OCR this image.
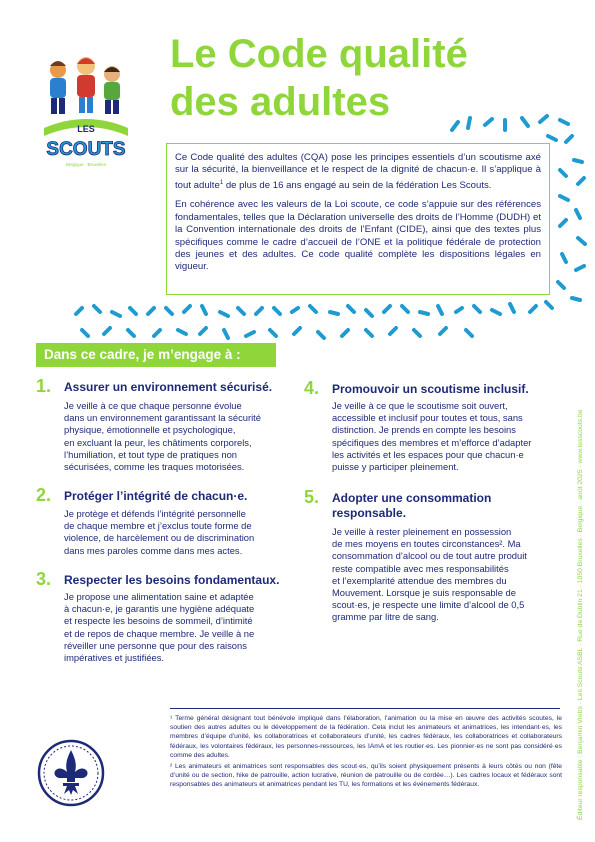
SCOUTS
LES
Belgique · Bruxelles
Le Code qualité
des adultes

Ce Code qualité des adultes (CQA) pose les principes essentiels d’un scoutisme axé sur la sécurité, la bienveillance et le respect de la dignité de chacun·e. Il s’applique à tout adulte$^1$ de plus de 16 ans engagé au sein de la fédération Les Scouts.

En cohérence avec les valeurs de la Loi scoute, ce code s’appuie sur des références fondamentales, telles que la Déclaration universelle des droits de l’Homme (DUDH) et la Convention internationale des droits de l’Enfant (CIDE), ainsi que des textes plus spécifiques comme le cadre d’accueil de l’ONE et la politique fédérale de protection des jeunes et des adultes. Ce code qualité complète les dispositions légales en vigueur.

Dans ce cadre, je m’engage à :
1. Assurer un environnement sécurisé.
Je veille à ce que chaque personne évolue
dans un environnement garantissant la sécurité
physique, émotionnelle et psychologique,
en excluant la peur, les châtiments corporels,
l’humiliation, et tout type de pratiques non
sécurisées, comme les traques motorisées.
2. Protéger l’intégrité de chacun·e.
Je protège et défends l’intégrité personnelle
de chaque membre et j’exclus toute forme de
violence, de harcèlement ou de discrimination
dans mes paroles comme dans mes actes.
3. Respecter les besoins fondamentaux.
Je propose une alimentation saine et adaptée
à chacun·e, je garantis une hygiène adéquate
et respecte les besoins de sommeil, d’intimité
et de repos de chaque membre. Je veille à ne
réveiller une personne que pour des raisons
impératives et justifiées.
4. Promouvoir un scoutisme inclusif.
Je veille à ce que le scoutisme soit ouvert,
accessible et inclusif pour toutes et tous, sans
distinction. Je prends en compte les besoins
spécifiques des membres et m’efforce d’adapter
les activités et les espaces pour que chacun·e
puisse y participer pleinement.
5. Adopter une consommation
responsable.
Je veille à rester pleinement en possession
de mes moyens en toutes circonstances². Ma
consommation d’alcool ou de tout autre produit
reste compatible avec mes responsabilités
et l’exemplarité attendue des membres du
Mouvement. Lorsque je suis responsable de
scout·es, je respecte une limite d’alcool de 0,5
gramme par litre de sang.

¹ Terme général désignant tout bénévole impliqué dans l’élaboration, l’animation ou la mise en œuvre des activités scoutes, le soutien des autres adultes ou le développement de la fédération. Cela inclut les animateurs et animatrices, les intendant·es, les membres d’équipe d’unité, les collaboratrices et collaborateurs d’unité, les cadres fédéraux, les collaboratrices et collaborateurs fédéraux, les volontaires fédéraux, les personnes-ressources, les IAmA et les routier·es. Les pionnier·es ne sont pas considéré·es comme des adultes.

² Les animateurs et animatrices sont responsables des scout·es, qu’ils soient physiquement présents à leurs côtés ou non (fête d’unité ou de section, hike de patrouille, action lucrative, réunion de patrouille ou de cordée…). Les cadres locaux et fédéraux sont responsables des animateurs et animatrices pendant les TU, les formations et les événements fédéraux.	Éditeur responsable : Benjamin Vrebs · Les Scouts ASBL · Rue de Dublin 21 · 1050 Bruxelles · Belgique · août 2025 · www.lesscouts.be
